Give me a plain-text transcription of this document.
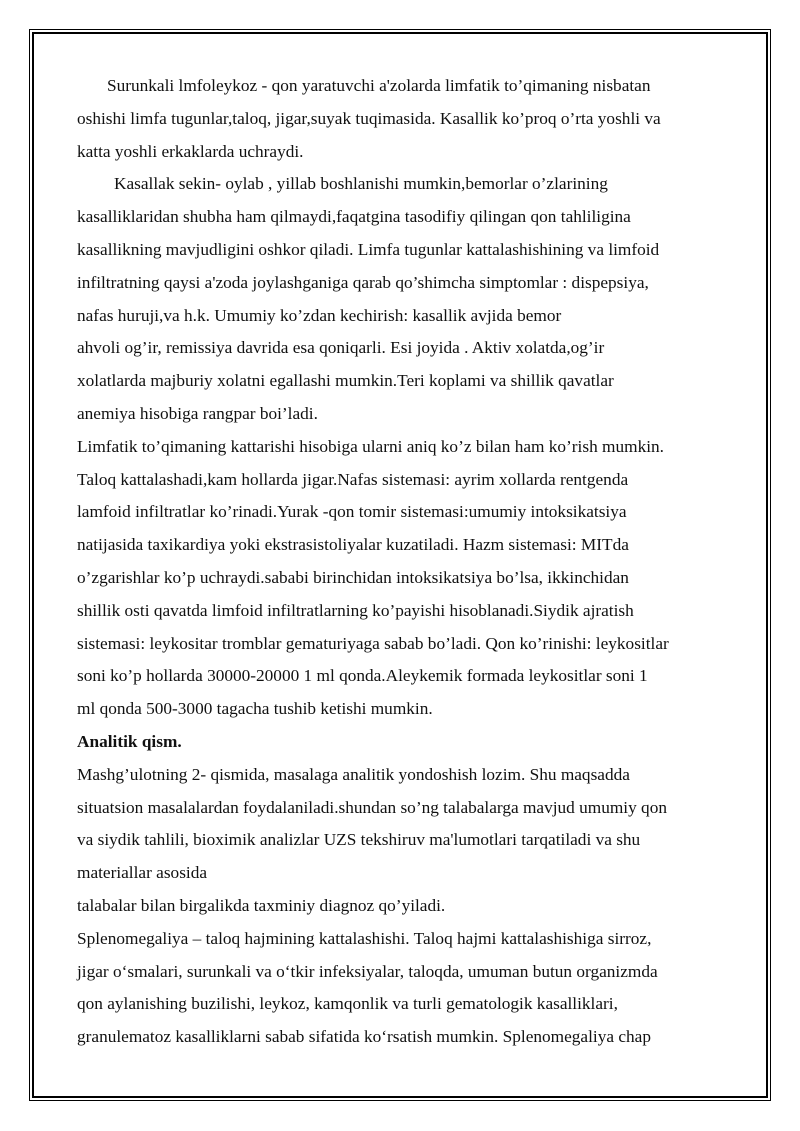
Surunkali lmfoleykoz - qon yaratuvchi a'zolarda limfatik to’qimaning nisbatan
oshishi limfa tugunlar,taloq, jigar,suyak tuqimasida. Kasallik ko’proq o’rta yoshli va
katta yoshli erkaklarda uchraydi.
Kasallak sekin- oylab , yillab boshlanishi mumkin,bemorlar o’zlarining
kasalliklaridan shubha ham qilmaydi,faqatgina tasodifiy qilingan qon tahliligina
kasallikning mavjudligini oshkor qiladi. Limfa tugunlar kattalashishining va limfoid
infiltratning qaysi a'zoda joylashganiga qarab qo’shimcha simptomlar : dispepsiya,
nafas huruji,va h.k. Umumiy ko’zdan kechirish: kasallik avjida bemor
ahvoli og’ir, remissiya davrida esa qoniqarli. Esi joyida . Aktiv xolatda,og’ir
xolatlarda majburiy xolatni egallashi mumkin.Teri koplami va shillik qavatlar
anemiya hisobiga rangpar boi’ladi.
Limfatik to’qimaning kattarishi hisobiga ularni aniq ko’z bilan ham ko’rish mumkin.
Taloq kattalashadi,kam hollarda jigar.Nafas sistemasi: ayrim xollarda rentgenda
lamfoid infiltratlar ko’rinadi.Yurak -qon tomir sistemasi:umumiy intoksikatsiya
natijasida taxikardiya yoki ekstrasistoliyalar kuzatiladi. Hazm sistemasi: MITda
o’zgarishlar ko’p uchraydi.sababi birinchidan intoksikatsiya bo’lsa, ikkinchidan
shillik osti qavatda limfoid infiltratlarning ko’payishi hisoblanadi.Siydik ajratish
sistemasi: leykositar tromblar gematuriyaga sabab bo’ladi. Qon ko’rinishi: leykositlar
soni ko’p hollarda 30000-20000 1 ml qonda.Aleykemik formada leykositlar soni 1
ml qonda 500-3000 tagacha tushib ketishi mumkin.
Analitik qism.
Mashg’ulotning 2- qismida, masalaga analitik yondoshish lozim. Shu maqsadda
situatsion masalalardan foydalaniladi.shundan so’ng talabalarga mavjud umumiy qon
va siydik tahlili, bioximik analizlar UZS tekshiruv ma'lumotlari tarqatiladi va shu
materiallar asosida
talabalar bilan birgalikda taxminiy diagnoz qo’yiladi.
Splenomegaliya – taloq hajmining kattalashishi. Taloq hajmi kattalashishiga sirroz,
jigar o‘smalari, surunkali va o‘tkir infeksiyalar, taloqda, umuman butun organizmda
qon aylanishing buzilishi, leykoz, kamqonlik va turli gematologik kasalliklari,
granulematoz kasalliklarni sabab sifatida ko‘rsatish mumkin. Splenomegaliya chap
